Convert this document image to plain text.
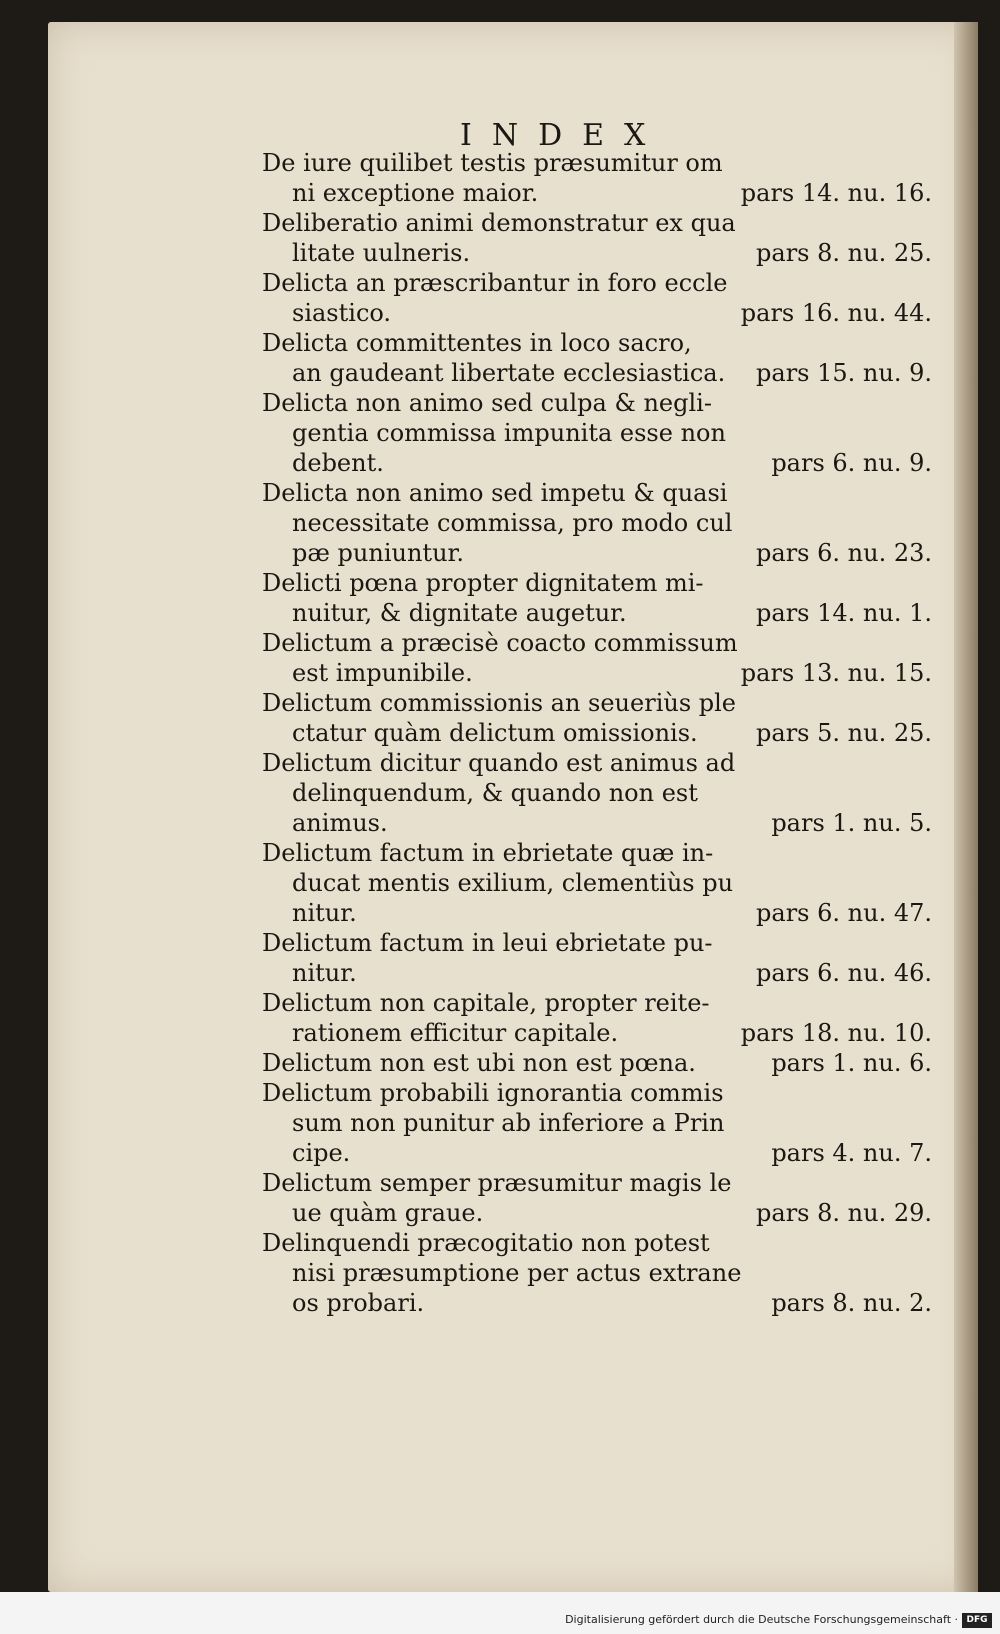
INDEX
De iure quilibet testis præsumitur om
ni exceptione maior.	pars 14. nu. 16.
Deliberatio animi demonstratur ex qua
litate uulneris.	pars 8. nu. 25.
Delicta an præscribantur in foro eccle
siastico.	pars 16. nu. 44.
Delicta committentes in loco sacro,
an gaudeant libertate ecclesiastica.	pars 15. nu. 9.
Delicta non animo sed culpa & negli-
gentia commissa impunita esse non
debent.	pars 6. nu. 9.
Delicta non animo sed impetu & quasi
necessitate commissa, pro modo cul
pæ puniuntur.	pars 6. nu. 23.
Delicti pœna propter dignitatem mi-
nuitur, & dignitate augetur.	pars 14. nu. 1.
Delictum a præcisè coacto commissum
est impunibile.	pars 13. nu. 15.
Delictum commissionis an seueriùs ple
ctatur quàm delictum omissionis.	pars 5. nu. 25.
Delictum dicitur quando est animus ad
delinquendum, & quando non est
animus.	pars 1. nu. 5.
Delictum factum in ebrietate quæ in-
ducat mentis exilium, clementiùs pu
nitur.	pars 6. nu. 47.
Delictum factum in leui ebrietate pu-
nitur.	pars 6. nu. 46.
Delictum non capitale, propter reite-
rationem efficitur capitale.	pars 18. nu. 10.
Delictum non est ubi non est pœna.	pars 1. nu. 6.
Delictum probabili ignorantia commis
sum non punitur ab inferiore a Prin
cipe.	pars 4. nu. 7.
Delictum semper præsumitur magis le
ue quàm graue.	pars 8. nu. 29.
Delinquendi præcogitatio non potest
nisi præsumptione per actus extrane
os probari.	pars 8. nu. 2.
Digitalisierung gefördert durch die Deutsche Forschungsgemeinschaft · DFG
